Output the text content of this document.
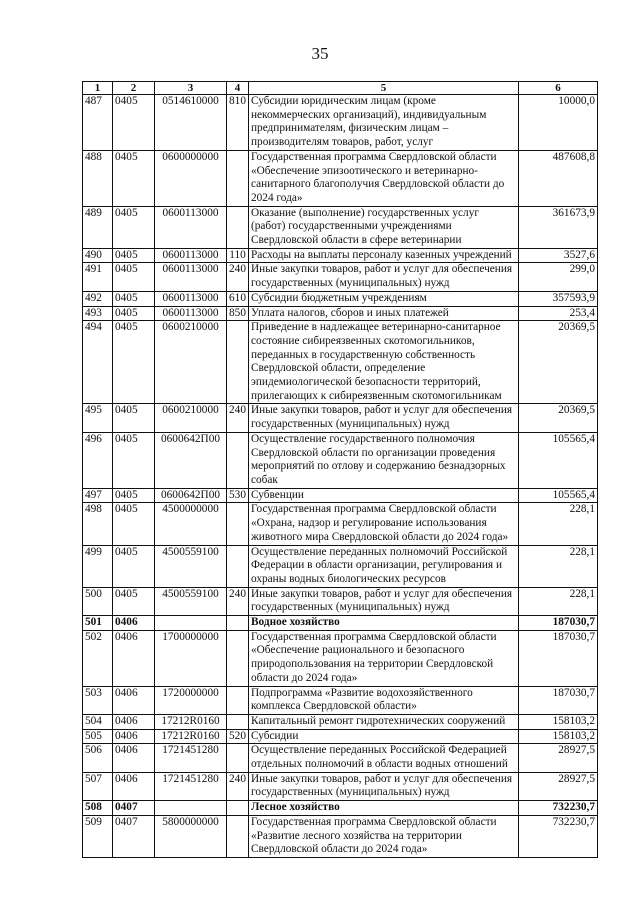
35
1	2	3	4	5	6
487	0405	0514610000	810	Субсидии юридическим лицам (кроме некоммерческих организаций), индивидуальным предпринимателям, физическим лицам – производителям товаров, работ, услуг	10000,0
488	0405	0600000000		Государственная программа Свердловской области «Обеспечение эпизоотического и ветеринарно-санитарного благополучия Свердловской области до 2024 года»	487608,8
489	0405	0600113000		Оказание (выполнение) государственных услуг (работ) государственными учреждениями Свердловской области в сфере ветеринарии	361673,9
490	0405	0600113000	110	Расходы на выплаты персоналу казенных учреждений	3527,6
491	0405	0600113000	240	Иные закупки товаров, работ и услуг для обеспечения государственных (муниципальных) нужд	299,0
492	0405	0600113000	610	Субсидии бюджетным учреждениям	357593,9
493	0405	0600113000	850	Уплата налогов, сборов и иных платежей	253,4
494	0405	0600210000		Приведение в надлежащее ветеринарно-санитарное состояние сибиреязвенных скотомогильников, переданных в государственную собственность Свердловской области, определение эпидемиологической безопасности территорий, прилегающих к сибиреязвенным скотомогильникам	20369,5
495	0405	0600210000	240	Иные закупки товаров, работ и услуг для обеспечения государственных (муниципальных) нужд	20369,5
496	0405	0600642П00		Осуществление государственного полномочия Свердловской области по организации проведения мероприятий по отлову и содержанию безнадзорных собак	105565,4
497	0405	0600642П00	530	Субвенции	105565,4
498	0405	4500000000		Государственная программа Свердловской области «Охрана, надзор и регулирование использования животного мира Свердловской области до 2024 года»	228,1
499	0405	4500559100		Осуществление переданных полномочий Российской Федерации в области организации, регулирования и охраны водных биологических ресурсов	228,1
500	0405	4500559100	240	Иные закупки товаров, работ и услуг для обеспечения государственных (муниципальных) нужд	228,1
501	0406			Водное хозяйство	187030,7
502	0406	1700000000		Государственная программа Свердловской области «Обеспечение рационального и безопасного природопользования на территории Свердловской области до 2024 года»	187030,7
503	0406	1720000000		Подпрограмма «Развитие водохозяйственного комплекса Свердловской области»	187030,7
504	0406	17212R0160		Капитальный ремонт гидротехнических сооружений	158103,2
505	0406	17212R0160	520	Субсидии	158103,2
506	0406	1721451280		Осуществление переданных Российской Федерацией отдельных полномочий в области водных отношений	28927,5
507	0406	1721451280	240	Иные закупки товаров, работ и услуг для обеспечения государственных (муниципальных) нужд	28927,5
508	0407			Лесное хозяйство	732230,7
509	0407	5800000000		Государственная программа Свердловской области «Развитие лесного хозяйства на территории Свердловской области до 2024 года»	732230,7
